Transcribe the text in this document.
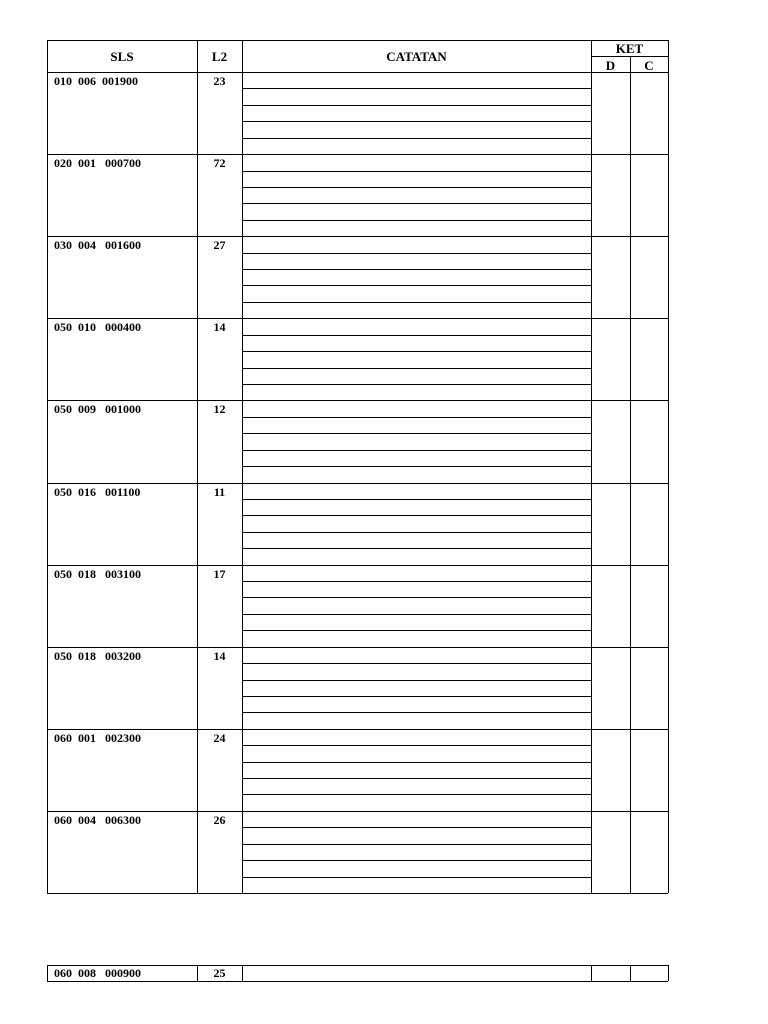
SLS	L2	CATATAN
KET
D	C
010  006  001900	23
020  001   000700	72
030  004   001600	27
050  010   000400	14
050  009   001000	12
050  016   001100	11
050  018   003100	17
050  018   003200	14
060  001   002300	24
060  004   006300	26
060  008   000900	25
